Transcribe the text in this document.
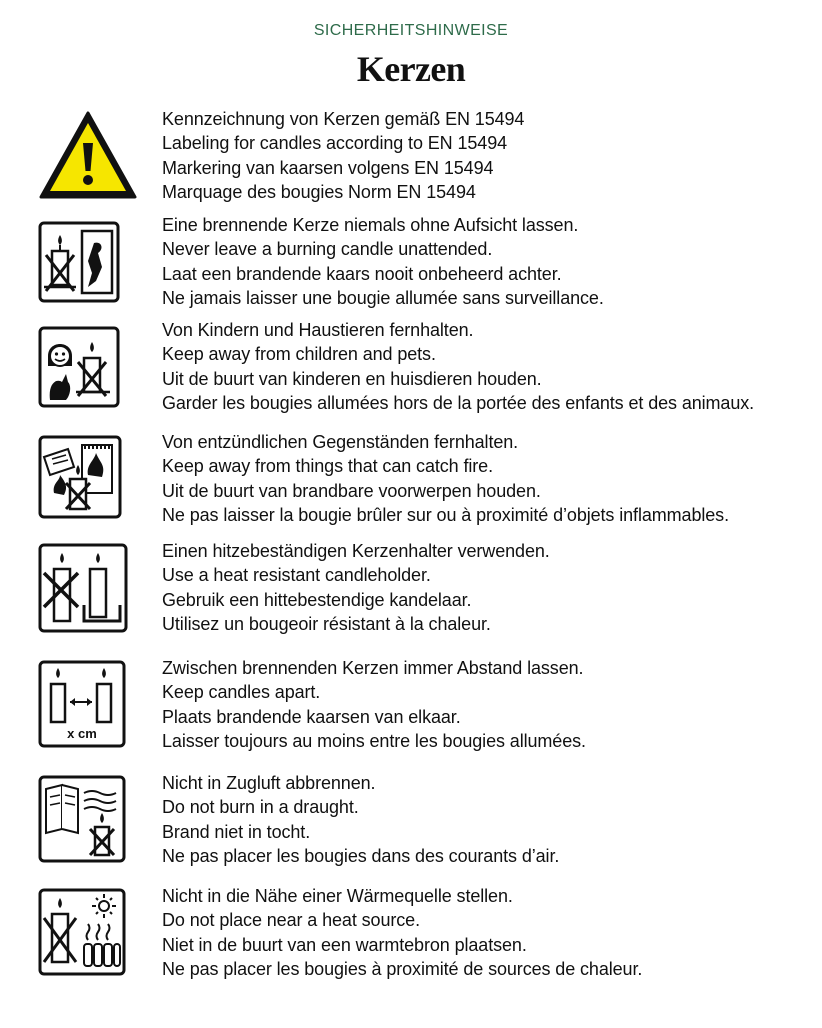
SICHERHEITSHINWEISE
Kerzen
Kennzeichnung von Kerzen gemäß EN 15494
Labeling for candles according to EN 15494
Markering van kaarsen volgens EN 15494
Marquage des bougies Norm EN 15494
Eine brennende Kerze niemals ohne Aufsicht lassen.
Never leave a burning candle unattended.
Laat een brandende kaars nooit onbeheerd achter.
Ne jamais laisser une bougie allumée sans surveillance.
Von Kindern und Haustieren fernhalten.
Keep away from children and pets.
Uit de buurt van kinderen en huisdieren houden.
Garder les bougies allumées hors de la portée des enfants et des animaux.
Von entzündlichen Gegenständen fernhalten.
Keep away from things that can catch fire.
Uit de buurt van brandbare voorwerpen houden.
Ne pas laisser la bougie brûler sur ou à proximité d’objets inflammables.
Einen hitzebeständigen Kerzenhalter verwenden.
Use a heat resistant candleholder.
Gebruik een hittebestendige kandelaar.
Utilisez un bougeoir résistant à la chaleur.
x cm
Zwischen brennenden Kerzen immer Abstand lassen.
Keep candles apart.
Plaats brandende kaarsen van elkaar.
Laisser toujours au moins entre les bougies allumées.
Nicht in Zugluft abbrennen.
Do not burn in a draught.
Brand niet in tocht.
Ne pas placer les bougies dans des courants d’air.
Nicht in die Nähe einer Wärmequelle stellen.
Do not place near a heat source.
Niet in de buurt van een warmtebron plaatsen.
Ne pas placer les bougies à proximité de sources de chaleur.
